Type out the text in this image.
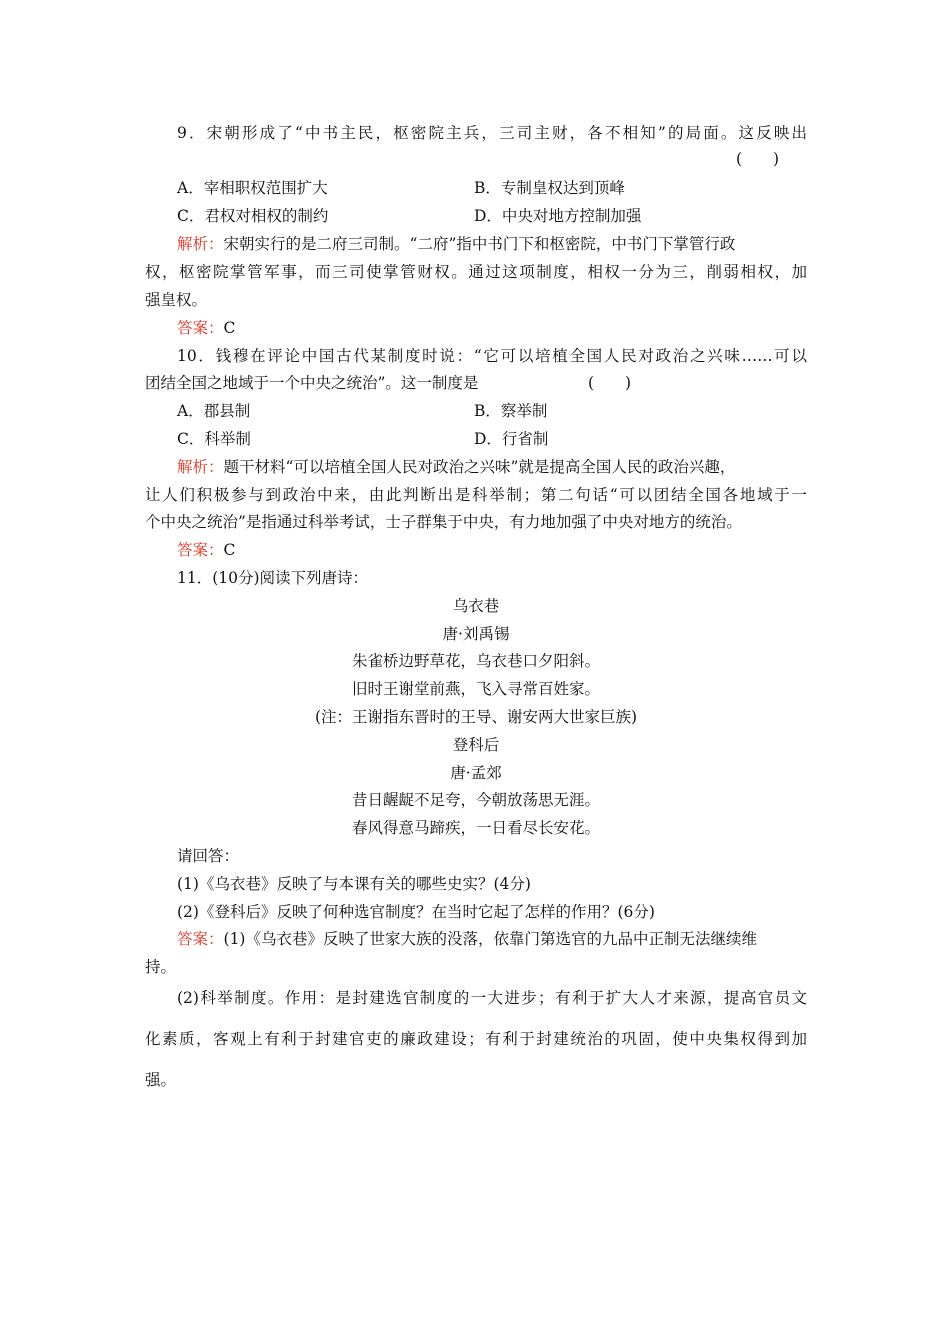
9．宋朝形成了“中书主民，枢密院主兵，三司主财，各不相知”的局面。这反映出
(　　)
A．宰相职权范围扩大	B．专制皇权达到顶峰
C．君权对相权的制约	D．中央对地方控制加强
解析：宋朝实行的是二府三司制。“二府”指中书门下和枢密院，中书门下掌管行政
权，枢密院掌管军事，而三司使掌管财权。通过这项制度，相权一分为三，削弱相权，加
强皇权。
答案：C
10．钱穆在评论中国古代某制度时说：“它可以培植全国人民对政治之兴味……可以
团结全国之地域于一个中央之统治”。这一制度是	(　　)
A．郡县制	B．察举制
C．科举制	D．行省制
解析：题干材料“可以培植全国人民对政治之兴味”就是提高全国人民的政治兴趣，
让人们积极参与到政治中来，由此判断出是科举制；第二句话“可以团结全国各地域于一
个中央之统治”是指通过科举考试，士子群集于中央，有力地加强了中央对地方的统治。
答案：C
11．(10分)阅读下列唐诗：
乌衣巷
唐·刘禹锡
朱雀桥边野草花，乌衣巷口夕阳斜。
旧时王谢堂前燕，飞入寻常百姓家。
(注：王谢指东晋时的王导、谢安两大世家巨族)
登科后
唐·孟郊
昔日龌龊不足夸，今朝放荡思无涯。
春风得意马蹄疾，一日看尽长安花。
请回答：
(1)《乌衣巷》反映了与本课有关的哪些史实？(4分)
(2)《登科后》反映了何种选官制度？在当时它起了怎样的作用？(6分)
答案：(1)《乌衣巷》反映了世家大族的没落，依靠门第选官的九品中正制无法继续维
持。
(2)科举制度。作用：是封建选官制度的一大进步；有利于扩大人才来源，提高官员文
化素质，客观上有利于封建官吏的廉政建设；有利于封建统治的巩固，使中央集权得到加
强。
